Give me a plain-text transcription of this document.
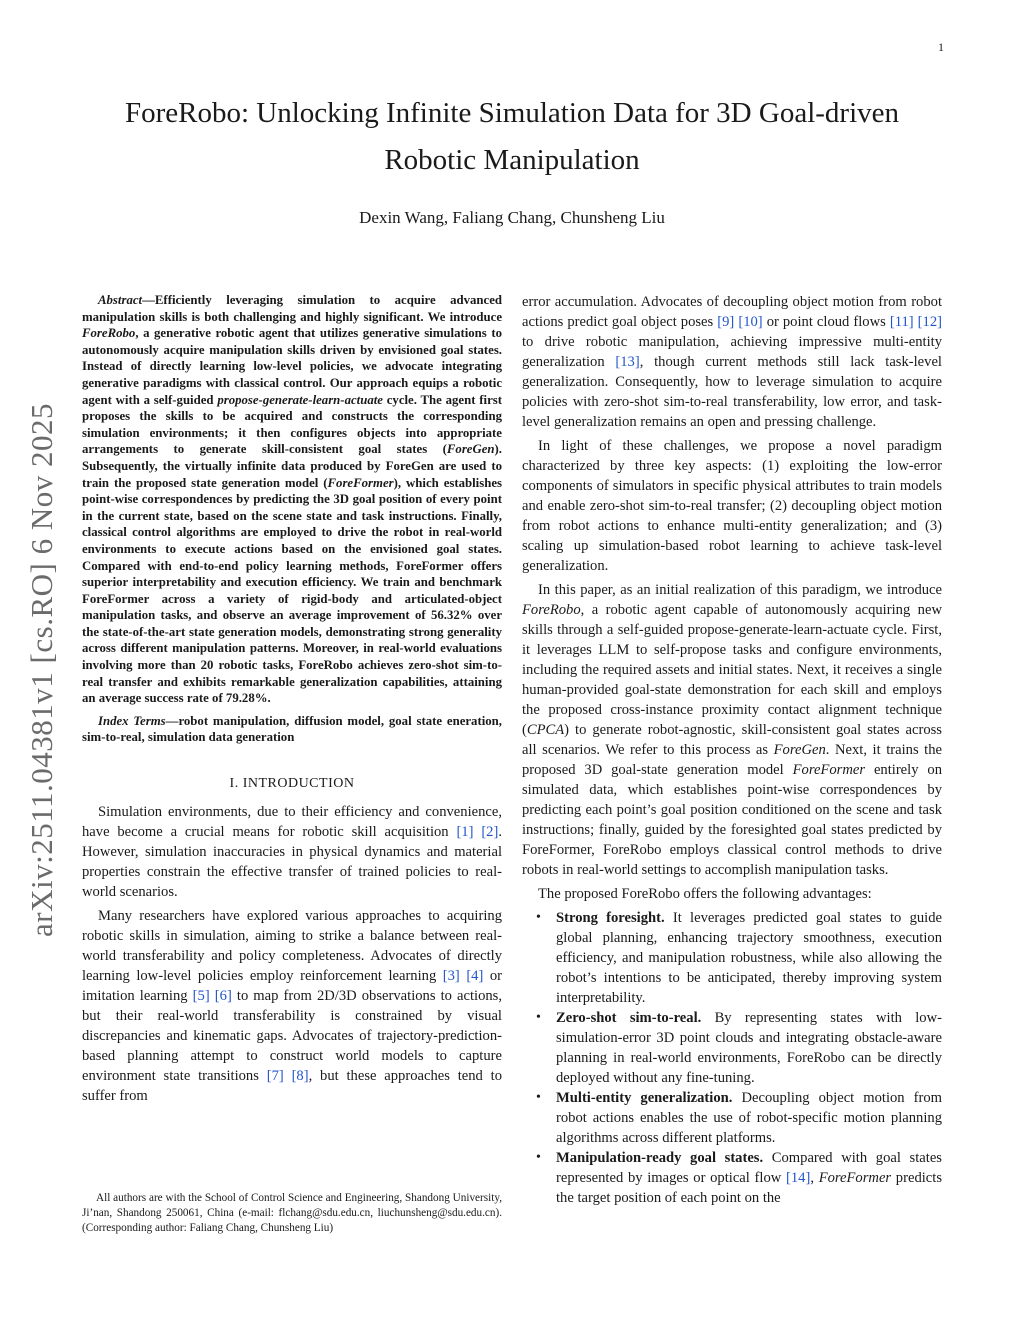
1
arXiv:2511.04381v1 [cs.RO] 6 Nov 2025
ForeRobo: Unlocking Infinite Simulation Data for 3D Goal-driven Robotic Manipulation

Dexin Wang, Faliang Chang, Chunsheng Liu

Abstract—Efficiently leveraging simulation to acquire advanced manipulation skills is both challenging and highly significant. We introduce ForeRobo, a generative robotic agent that utilizes generative simulations to autonomously acquire manipulation skills driven by envisioned goal states. Instead of directly learning low-level policies, we advocate integrating generative paradigms with classical control. Our approach equips a robotic agent with a self-guided propose-generate-learn-actuate cycle. The agent first proposes the skills to be acquired and constructs the corresponding simulation environments; it then configures objects into appropriate arrangements to generate skill-consistent goal states (ForeGen). Subsequently, the virtually infinite data produced by ForeGen are used to train the proposed state generation model (ForeFormer), which establishes point-wise correspondences by predicting the 3D goal position of every point in the current state, based on the scene state and task instructions. Finally, classical control algorithms are employed to drive the robot in real-world environments to execute actions based on the envisioned goal states. Compared with end-to-end policy learning methods, ForeFormer offers superior interpretability and execution efficiency. We train and benchmark ForeFormer across a variety of rigid-body and articulated-object manipulation tasks, and observe an average improvement of 56.32% over the state-of-the-art state generation models, demonstrating strong generality across different manipulation patterns. Moreover, in real-world evaluations involving more than 20 robotic tasks, ForeRobo achieves zero-shot sim-to-real transfer and exhibits remarkable generalization capabilities, attaining an average success rate of 79.28%.

Index Terms—robot manipulation, diffusion model, goal state eneration, sim-to-real, simulation data generation

I. INTRODUCTION

Simulation environments, due to their efficiency and convenience, have become a crucial means for robotic skill acquisition [1] [2]. However, simulation inaccuracies in physical dynamics and material properties constrain the effective transfer of trained policies to real-world scenarios.

Many researchers have explored various approaches to acquiring robotic skills in simulation, aiming to strike a balance between real-world transferability and policy completeness. Advocates of directly learning low-level policies employ reinforcement learning [3] [4] or imitation learning [5] [6] to map from 2D/3D observations to actions, but their real-world transferability is constrained by visual discrepancies and kinematic gaps. Advocates of trajectory-prediction-based planning attempt to construct world models to capture environment state transitions [7] [8], but these approaches tend to suffer from

All authors are with the School of Control Science and Engineering, Shandong University, Ji’nan, Shandong 250061, China (e-mail: flchang@sdu.edu.cn, liuchunsheng@sdu.edu.cn). (Corresponding author: Faliang Chang, Chunsheng Liu)

error accumulation. Advocates of decoupling object motion from robot actions predict goal object poses [9] [10] or point cloud flows [11] [12] to drive robotic manipulation, achieving impressive multi-entity generalization [13], though current methods still lack task-level generalization. Consequently, how to leverage simulation to acquire policies with zero-shot sim-to-real transferability, low error, and task-level generalization remains an open and pressing challenge.

In light of these challenges, we propose a novel paradigm characterized by three key aspects: (1) exploiting the low-error components of simulators in specific physical attributes to train models and enable zero-shot sim-to-real transfer; (2) decoupling object motion from robot actions to enhance multi-entity generalization; and (3) scaling up simulation-based robot learning to achieve task-level generalization.

In this paper, as an initial realization of this paradigm, we introduce ForeRobo, a robotic agent capable of autonomously acquiring new skills through a self-guided propose-generate-learn-actuate cycle. First, it leverages LLM to self-propose tasks and configure environments, including the required assets and initial states. Next, it receives a single human-provided goal-state demonstration for each skill and employs the proposed cross-instance proximity contact alignment technique (CPCA) to generate robot-agnostic, skill-consistent goal states across all scenarios. We refer to this process as ForeGen. Next, it trains the proposed 3D goal-state generation model ForeFormer entirely on simulated data, which establishes point-wise correspondences by predicting each point’s goal position conditioned on the scene and task instructions; finally, guided by the foresighted goal states predicted by ForeFormer, ForeRobo employs classical control methods to drive robots in real-world settings to accomplish manipulation tasks.

The proposed ForeRobo offers the following advantages:

• Strong foresight. It leverages predicted goal states to guide global planning, enhancing trajectory smoothness, execution efficiency, and manipulation robustness, while also allowing the robot’s intentions to be anticipated, thereby improving system interpretability.
• Zero-shot sim-to-real. By representing states with low-simulation-error 3D point clouds and integrating obstacle-aware planning in real-world environments, ForeRobo can be directly deployed without any fine-tuning.
• Multi-entity generalization. Decoupling object motion from robot actions enables the use of robot-specific motion planning algorithms across different platforms.
• Manipulation-ready goal states. Compared with goal states represented by images or optical flow [14], ForeFormer predicts the target position of each point on the
